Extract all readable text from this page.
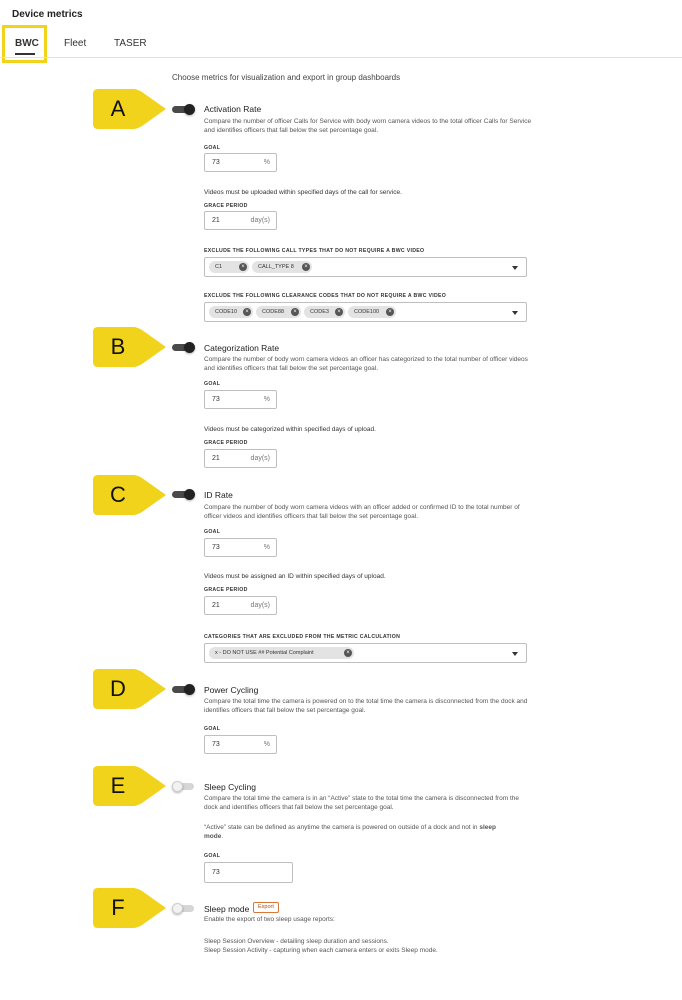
Device metrics
BWC	Fleet	TASER
Choose metrics for visualization and export in group dashboards
A
B
C
D
E
F
Activation Rate
Compare the number of officer Calls for Service with body worn camera videos to the total officer Calls for Service and identifies officers that fall below the set percentage goal.
GOAL
73	%
Videos must be uploaded within specified days of the call for service.
GRACE PERIOD
21	day(s)
EXCLUDE THE FOLLOWING CALL TYPES THAT DO NOT REQUIRE A BWC VIDEO
C1	×	CALL_TYPE 8	×
EXCLUDE THE FOLLOWING CLEARANCE CODES THAT DO NOT REQUIRE A BWC VIDEO
CODE10	×	CODE88	×	CODE3	×	CODE100	×
Categorization Rate
Compare the number of body worn camera videos an officer has categorized to the total number of officer videos and identifies officers that fall below the set percentage goal.
GOAL
73	%
Videos must be categorized within specified days of upload.
GRACE PERIOD
21	day(s)
ID Rate
Compare the number of body worn camera videos with an officer added or confirmed ID to the total number of officer videos and identifies officers that fall below the set percentage goal.
GOAL
73	%
Videos must be assigned an ID within specified days of upload.
GRACE PERIOD
21	day(s)
CATEGORIES THAT ARE EXCLUDED FROM THE METRIC CALCULATION
x - DO NOT USE ## Potential Complaint	×
Power Cycling
Compare the total time the camera is powered on to the total time the camera is disconnected from the dock and identifies officers that fall below the set percentage goal.
GOAL
73	%
Sleep Cycling
Compare the total time the camera is in an “Active” state to the total time the camera is disconnected from the dock and identifies officers that fall below the set percentage goal.
“Active” state can be defined as anytime the camera is powered on outside of a dock and not in sleep
mode.
GOAL
73
Sleep mode	Export
Enable the export of two sleep usage reports:
Sleep Session Overview - detailing sleep duration and sessions.
Sleep Session Activity - capturing when each camera enters or exits Sleep mode.
